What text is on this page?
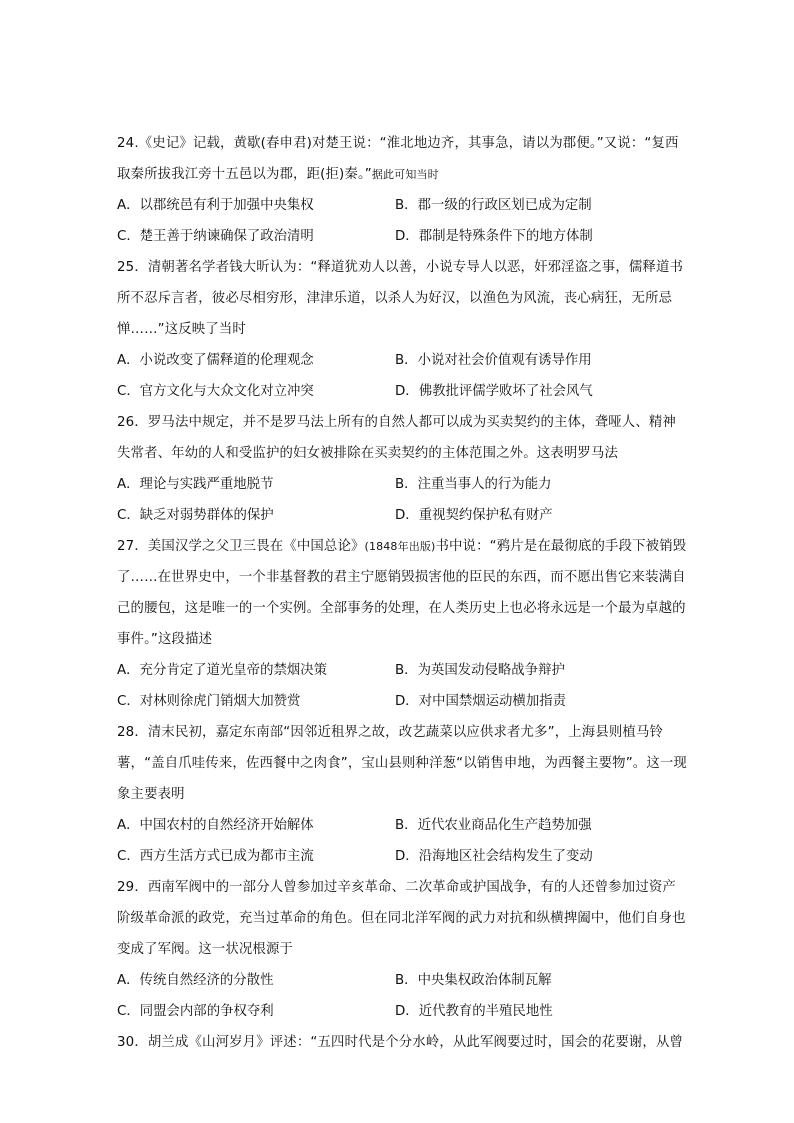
24.《史记》记载，黄歇(春申君)对楚王说：“淮北地边齐，其事急，请以为郡便。”又说：“复西取秦所拔我江旁十五邑以为郡，距(拒)秦。”据此可知当时

A．以郡统邑有利于加强中央集权	B．郡一级的行政区划已成为定制
C．楚王善于纳谏确保了政治清明	D．郡制是特殊条件下的地方体制

25．清朝著名学者钱大昕认为：“释道犹劝人以善，小说专导人以恶，奸邪淫盗之事，儒释道书所不忍斥言者，彼必尽相穷形，津津乐道，以杀人为好汉，以渔色为风流，丧心病狂，无所忌惮……”这反映了当时

A．小说改变了儒释道的伦理观念	B．小说对社会价值观有诱导作用
C．官方文化与大众文化对立冲突	D．佛教批评儒学败坏了社会风气

26．罗马法中规定，并不是罗马法上所有的自然人都可以成为买卖契约的主体，聋哑人、精神失常者、年幼的人和受监护的妇女被排除在买卖契约的主体范围之外。这表明罗马法

A．理论与实践严重地脱节	B．注重当事人的行为能力
C．缺乏对弱势群体的保护	D．重视契约保护私有财产

27．美国汉学之父卫三畏在《中国总论》(1848年出版)书中说：“鸦片是在最彻底的手段下被销毁了……在世界史中，一个非基督教的君主宁愿销毁损害他的臣民的东西，而不愿出售它来装满自己的腰包，这是唯一的一个实例。全部事务的处理，在人类历史上也必将永远是一个最为卓越的事件。”这段描述

A．充分肯定了道光皇帝的禁烟决策	B．为英国发动侵略战争辩护
C．对林则徐虎门销烟大加赞赏	D．对中国禁烟运动横加指责

28．清末民初，嘉定东南部“因邻近租界之故，改艺蔬菜以应供求者尤多”，上海县则植马铃薯，“盖自爪哇传来，佐西餐中之肉食”，宝山县则种洋葱“以销售申地，为西餐主要物”。这一现象主要表明

A．中国农村的自然经济开始解体	B．近代农业商品化生产趋势加强
C．西方生活方式已成为都市主流	D．沿海地区社会结构发生了变动

29．西南军阀中的一部分人曾参加过辛亥革命、二次革命或护国战争，有的人还曾参加过资产阶级革命派的政党，充当过革命的角色。但在同北洋军阀的武力对抗和纵横捭阖中，他们自身也变成了军阀。这一状况根源于

A．传统自然经济的分散性	B．中央集权政治体制瓦解
C．同盟会内部的争权夺利	D．近代教育的半殖民地性

30．胡兰成《山河岁月》评述：“五四时代是个分水岭，从此军阀要过时，国会的花要谢，从曾
